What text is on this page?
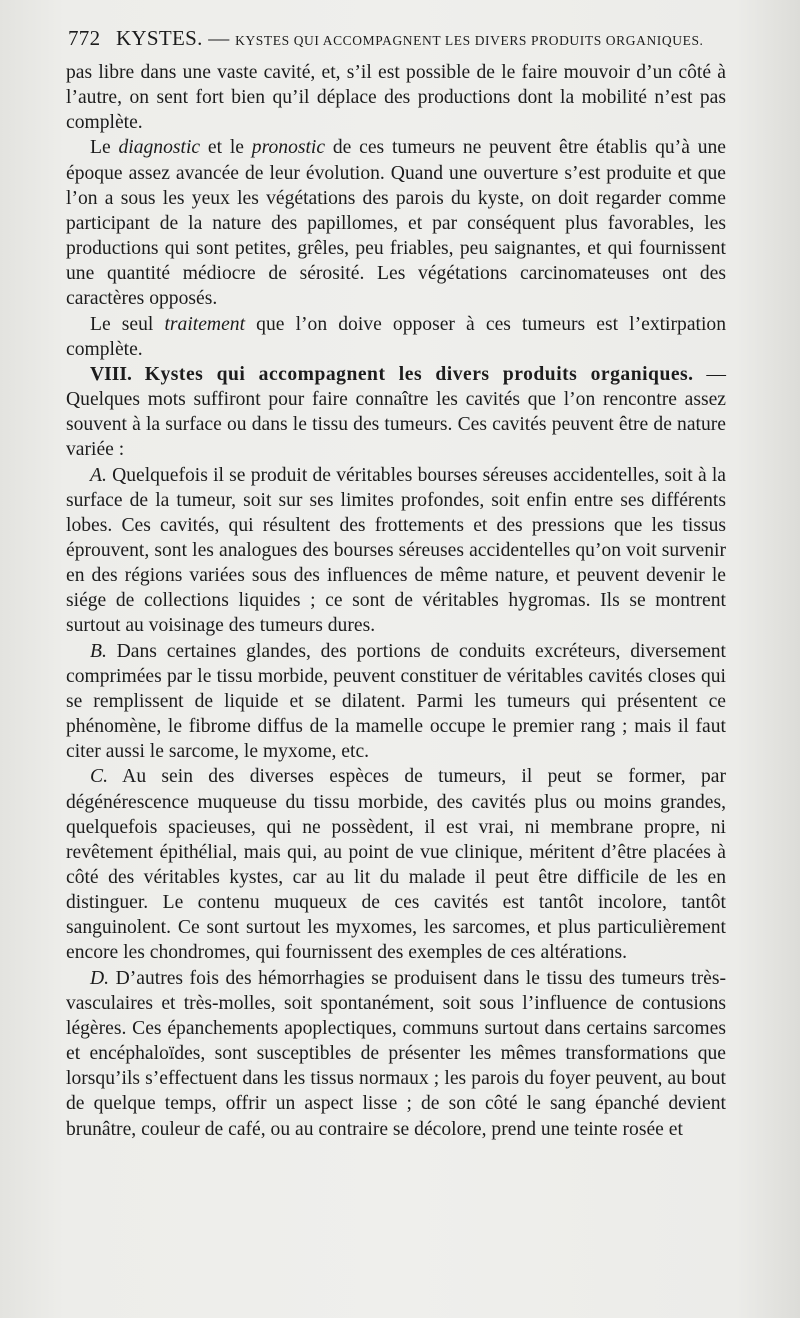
772 KYSTES. — KYSTES QUI ACCOMPAGNENT LES DIVERS PRODUITS ORGANIQUES.

pas libre dans une vaste cavité, et, s’il est possible de le faire mouvoir d’un côté à l’autre, on sent fort bien qu’il déplace des productions dont la mobilité n’est pas complète.

Le diagnostic et le pronostic de ces tumeurs ne peuvent être établis qu’à une époque assez avancée de leur évolution. Quand une ouverture s’est produite et que l’on a sous les yeux les végétations des parois du kyste, on doit regarder comme participant de la nature des papillomes, et par conséquent plus favorables, les productions qui sont petites, grêles, peu friables, peu saignantes, et qui fournissent une quantité médiocre de sérosité. Les végétations carcinomateuses ont des caractères opposés.

Le seul traitement que l’on doive opposer à ces tumeurs est l’extirpation complète.

VIII. Kystes qui accompagnent les divers produits organiques. — Quelques mots suffiront pour faire connaître les cavités que l’on rencontre assez souvent à la surface ou dans le tissu des tumeurs. Ces cavités peuvent être de nature variée :

A. Quelquefois il se produit de véritables bourses séreuses accidentelles, soit à la surface de la tumeur, soit sur ses limites profondes, soit enfin entre ses différents lobes. Ces cavités, qui résultent des frottements et des pressions que les tissus éprouvent, sont les analogues des bourses séreuses accidentelles qu’on voit survenir en des régions variées sous des influences de même nature, et peuvent devenir le siége de collections liquides ; ce sont de véritables hygromas. Ils se montrent surtout au voisinage des tumeurs dures.

B. Dans certaines glandes, des portions de conduits excréteurs, diversement comprimées par le tissu morbide, peuvent constituer de véritables cavités closes qui se remplissent de liquide et se dilatent. Parmi les tumeurs qui présentent ce phénomène, le fibrome diffus de la mamelle occupe le premier rang ; mais il faut citer aussi le sarcome, le myxome, etc.

C. Au sein des diverses espèces de tumeurs, il peut se former, par dégénérescence muqueuse du tissu morbide, des cavités plus ou moins grandes, quelquefois spacieuses, qui ne possèdent, il est vrai, ni membrane propre, ni revêtement épithélial, mais qui, au point de vue clinique, méritent d’être placées à côté des véritables kystes, car au lit du malade il peut être difficile de les en distinguer. Le contenu muqueux de ces cavités est tantôt incolore, tantôt sanguinolent. Ce sont surtout les myxomes, les sarcomes, et plus particulièrement encore les chondromes, qui fournissent des exemples de ces altérations.

D. D’autres fois des hémorrhagies se produisent dans le tissu des tumeurs très-vasculaires et très-molles, soit spontanément, soit sous l’influence de contusions légères. Ces épanchements apoplectiques, communs surtout dans certains sarcomes et encéphaloïdes, sont susceptibles de présenter les mêmes transformations que lorsqu’ils s’effectuent dans les tissus normaux ; les parois du foyer peuvent, au bout de quelque temps, offrir un aspect lisse ; de son côté le sang épanché devient brunâtre, couleur de café, ou au contraire se décolore, prend une teinte rosée et
